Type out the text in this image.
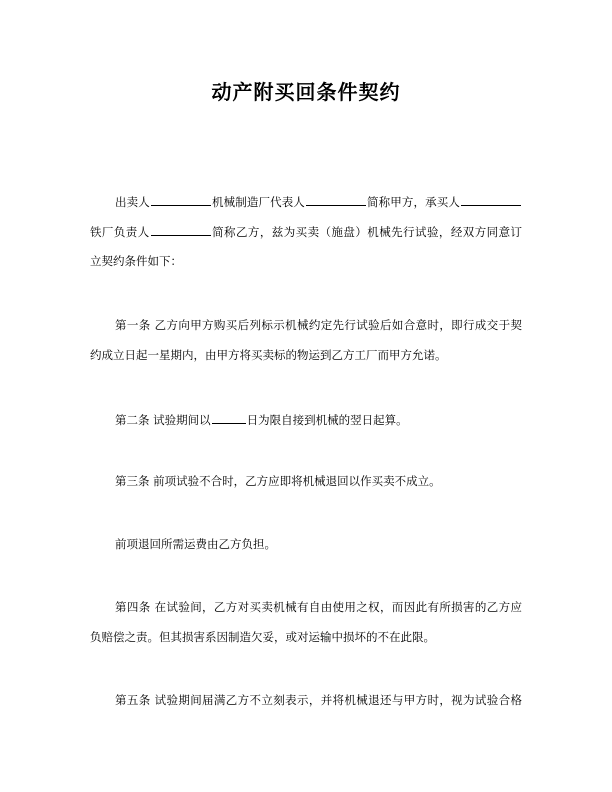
动产附买回条件契约
出卖人	机械制造厂代表人	简称甲方，承买人
铁厂负责人	简称乙方，兹为买卖（施盘）机械先行试验，经双方同意订
立契约条件如下：
第一条 乙方向甲方购买后列标示机械约定先行试验后如合意时，即行成交于契
约成立日起一星期内，由甲方将买卖标的物运到乙方工厂而甲方允诺。
第二条 试验期间以	日为限自接到机械的翌日起算。
第三条 前项试验不合时，乙方应即将机械退回以作买卖不成立。
前项退回所需运费由乙方负担。
第四条 在试验间，乙方对买卖机械有自由使用之权，而因此有所损害的乙方应
负赔偿之责。但其损害系因制造欠妥，或对运输中损坏的不在此限。
第五条 试验期间届满乙方不立刻表示，并将机械退还与甲方时，视为试验合格
